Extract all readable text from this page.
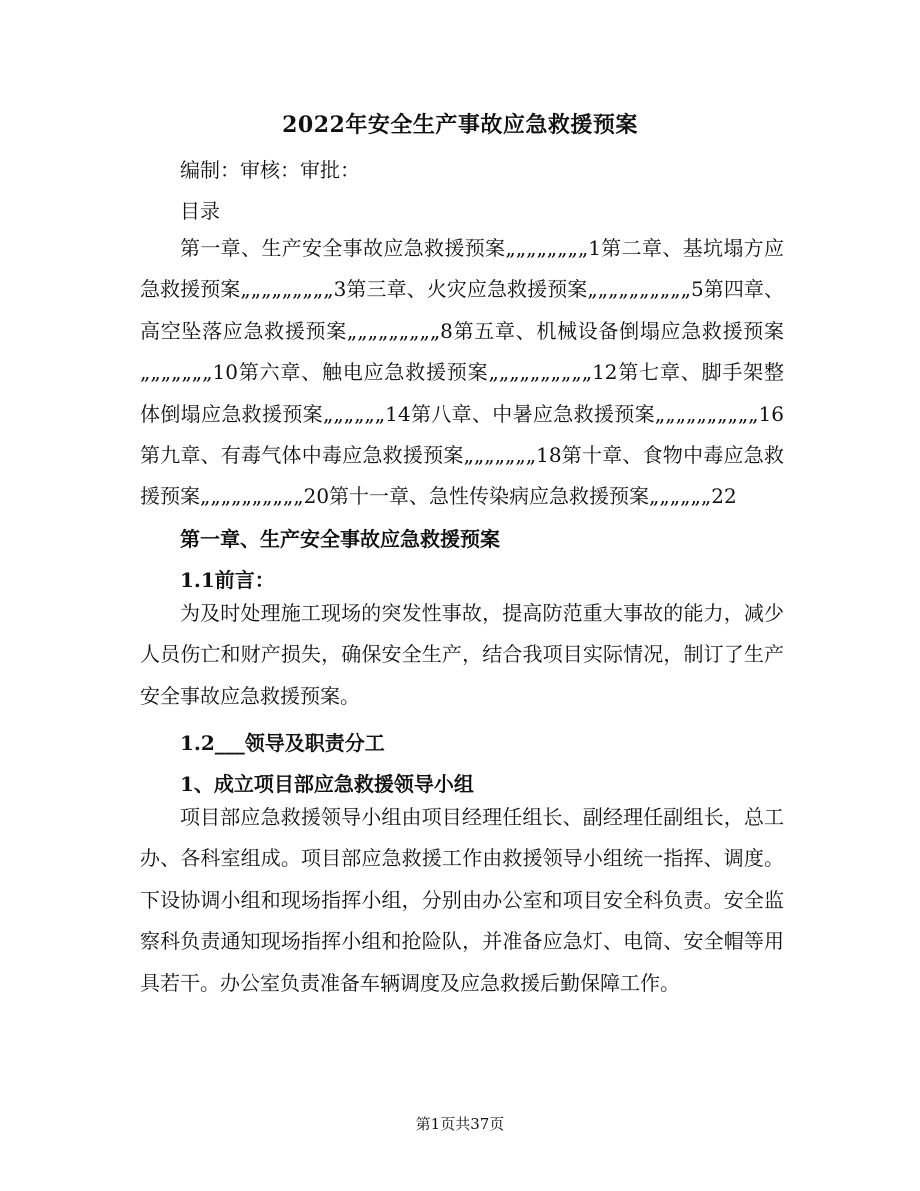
2022年安全生产事故应急救援预案
编制：审核：审批：
目录
第一章、生产安全事故应急救援预案„„„„„„„„1第二章、基坑塌方应急救援预案„„„„„„„„„3第三章、火灾应急救援预案„„„„„„„„„„5第四章、高空坠落应急救援预案„„„„„„„„„8第五章、机械设备倒塌应急救援预案„„„„„„„10第六章、触电应急救援预案„„„„„„„„„„12第七章、脚手架整体倒塌应急救援预案„„„„„„14第八章、中暑应急救援预案„„„„„„„„„„16第九章、有毒气体中毒应急救援预案„„„„„„„18第十章、食物中毒应急救援预案„„„„„„„„„„20第十一章、急性传染病应急救援预案„„„„„„22
第一章、生产安全事故应急救援预案
1.1前言：
为及时处理施工现场的突发性事故，提高防范重大事故的能力，减少人员伤亡和财产损失，确保安全生产，结合我项目实际情况，制订了生产安全事故应急救援预案。
1.2___领导及职责分工
1、成立项目部应急救援领导小组
项目部应急救援领导小组由项目经理任组长、副经理任副组长，总工办、各科室组成。项目部应急救援工作由救援领导小组统一指挥、调度。下设协调小组和现场指挥小组，分别由办公室和项目安全科负责。安全监察科负责通知现场指挥小组和抢险队，并准备应急灯、电筒、安全帽等用具若干。办公室负责准备车辆调度及应急救援后勤保障工作。
第1页共37页
